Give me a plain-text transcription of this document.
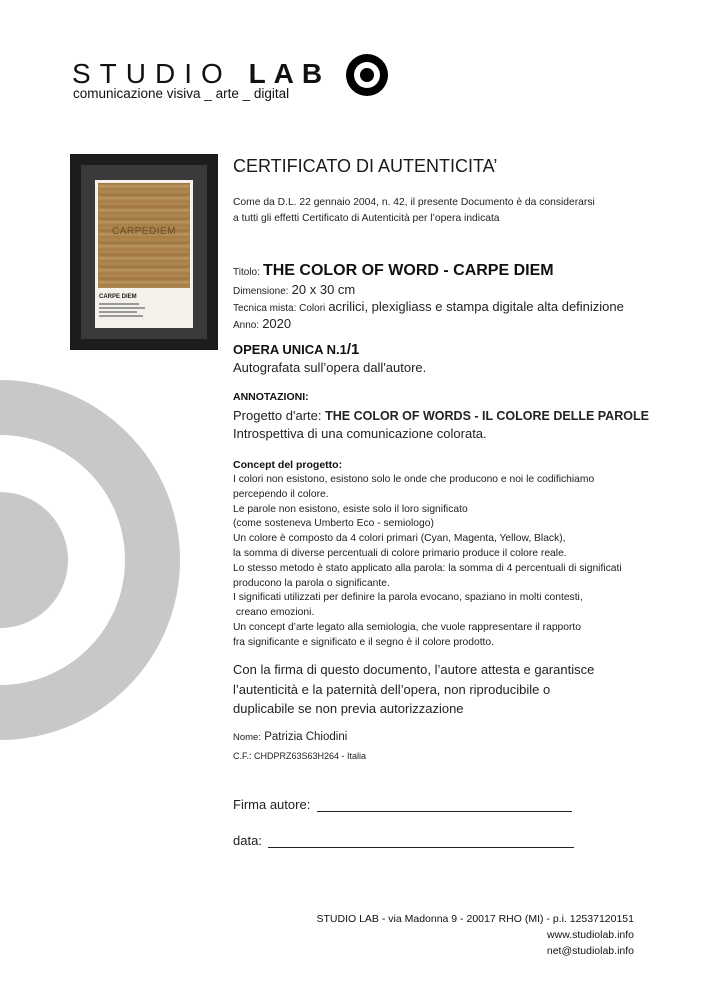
STUDIO LAB
comunicazione visiva _ arte _ digital
CARPEDIEM
CARPE DIEM
CERTIFICATO DI AUTENTICITA’
Come da D.L. 22 gennaio 2004, n. 42, il presente Documento è da considerarsi
a tutti gli effetti Certificato di Autenticità per l’opera indicata
Titolo: THE COLOR OF WORD - CARPE DIEM
Dimensione: 20 x 30 cm
Tecnica mista: Colori acrilici, plexigliass e stampa digitale alta definizione
Anno: 2020
OPERA UNICA N.1/1
Autografata sull’opera dall'autore.
ANNOTAZIONI:
Progetto d'arte: THE COLOR OF WORDS - IL COLORE DELLE PAROLE
Introspettiva di una comunicazione colorata.
Concept del progetto:
I colori non esistono, esistono solo le onde che producono e noi le codifichiamo
percependo il colore.
Le parole non esistono, esiste solo il loro significato
(come sosteneva Umberto Eco - semiologo)
Un colore è composto da 4 colori primari (Cyan, Magenta, Yellow, Black),
la somma di diverse percentuali di colore primario produce il colore reale.
Lo stesso metodo è stato applicato alla parola: la somma di 4 percentuali di significati
producono la parola o significante.
I significati utilizzati per definire la parola evocano, spaziano in molti contesti,
creano emozioni.
Un concept d’arte legato alla semiologia, che vuole rappresentare il rapporto
fra significante e significato e il segno è il colore prodotto.
Con la firma di questo documento, l’autore attesta e garantisce
l’autenticità e la paternità dell’opera, non riproducibile o
duplicabile se non previa autorizzazione
Nome: Patrizia Chiodini
C.F.: CHDPRZ63S63H264 - Italia
Firma autore:
data:
STUDIO LAB - via Madonna 9 - 20017 RHO (MI) - p.i. 12537120151
www.studiolab.info
net@studiolab.info
